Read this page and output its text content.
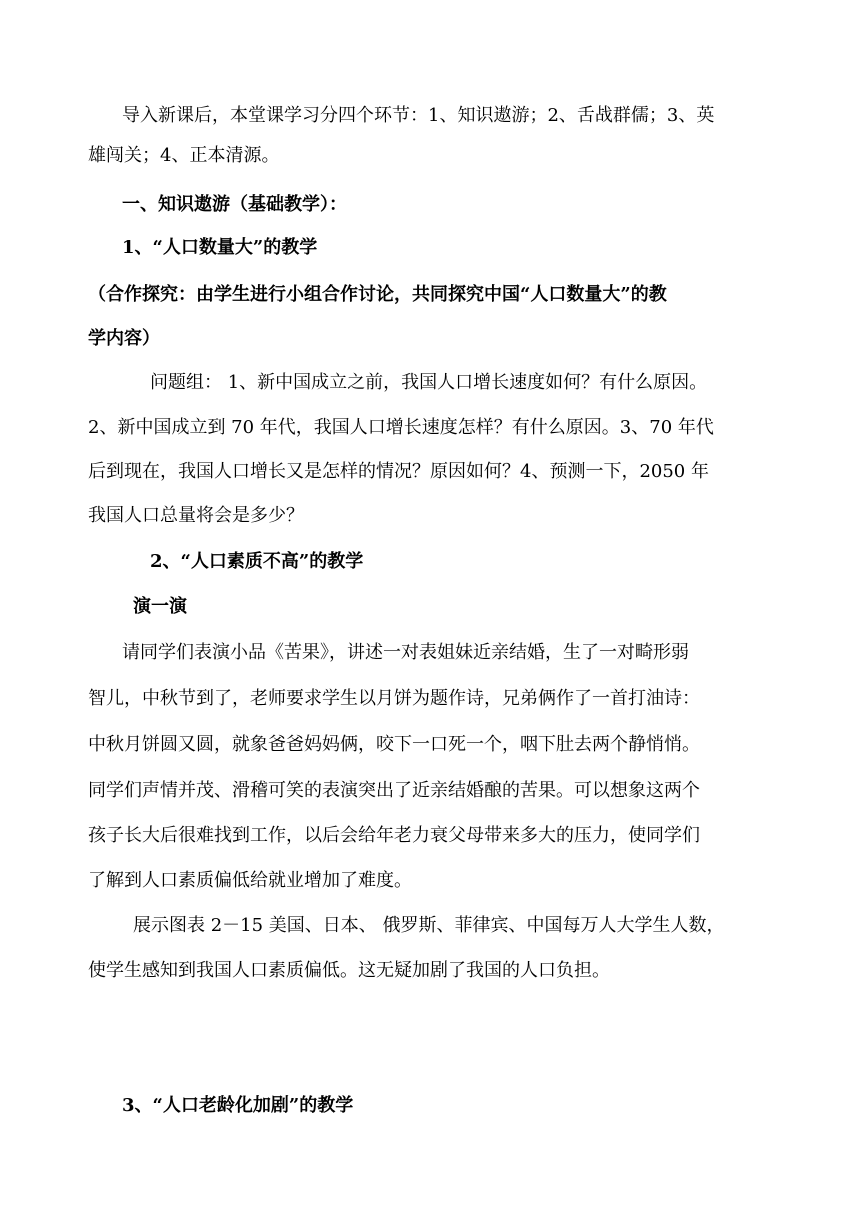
导入新课后，本堂课学习分四个环节：1、知识遨游；2、舌战群儒；3、英
雄闯关；4、正本清源。
一、知识遨游（基础教学）：
1、“人口数量大”的教学
（合作探究：由学生进行小组合作讨论，共同探究中国“人口数量大”的教
学内容）
问题组： 1、新中国成立之前，我国人口增长速度如何？有什么原因。
2、新中国成立到 70 年代，我国人口增长速度怎样？有什么原因。3、70 年代
后到现在，我国人口增长又是怎样的情况？原因如何？4、预测一下，2050 年
我国人口总量将会是多少？
2、“人口素质不高”的教学
演一演
请同学们表演小品《苦果》，讲述一对表姐妹近亲结婚，生了一对畸形弱
智儿，中秋节到了，老师要求学生以月饼为题作诗，兄弟俩作了一首打油诗：
中秋月饼圆又圆，就象爸爸妈妈俩，咬下一口死一个，咽下肚去两个静悄悄。
同学们声情并茂、滑稽可笑的表演突出了近亲结婚酿的苦果。可以想象这两个
孩子长大后很难找到工作，以后会给年老力衰父母带来多大的压力，使同学们
了解到人口素质偏低给就业增加了难度。
展示图表 2－15 美国、日本、 俄罗斯、菲律宾、中国每万人大学生人数，
使学生感知到我国人口素质偏低。这无疑加剧了我国的人口负担。
3、“人口老龄化加剧”的教学
